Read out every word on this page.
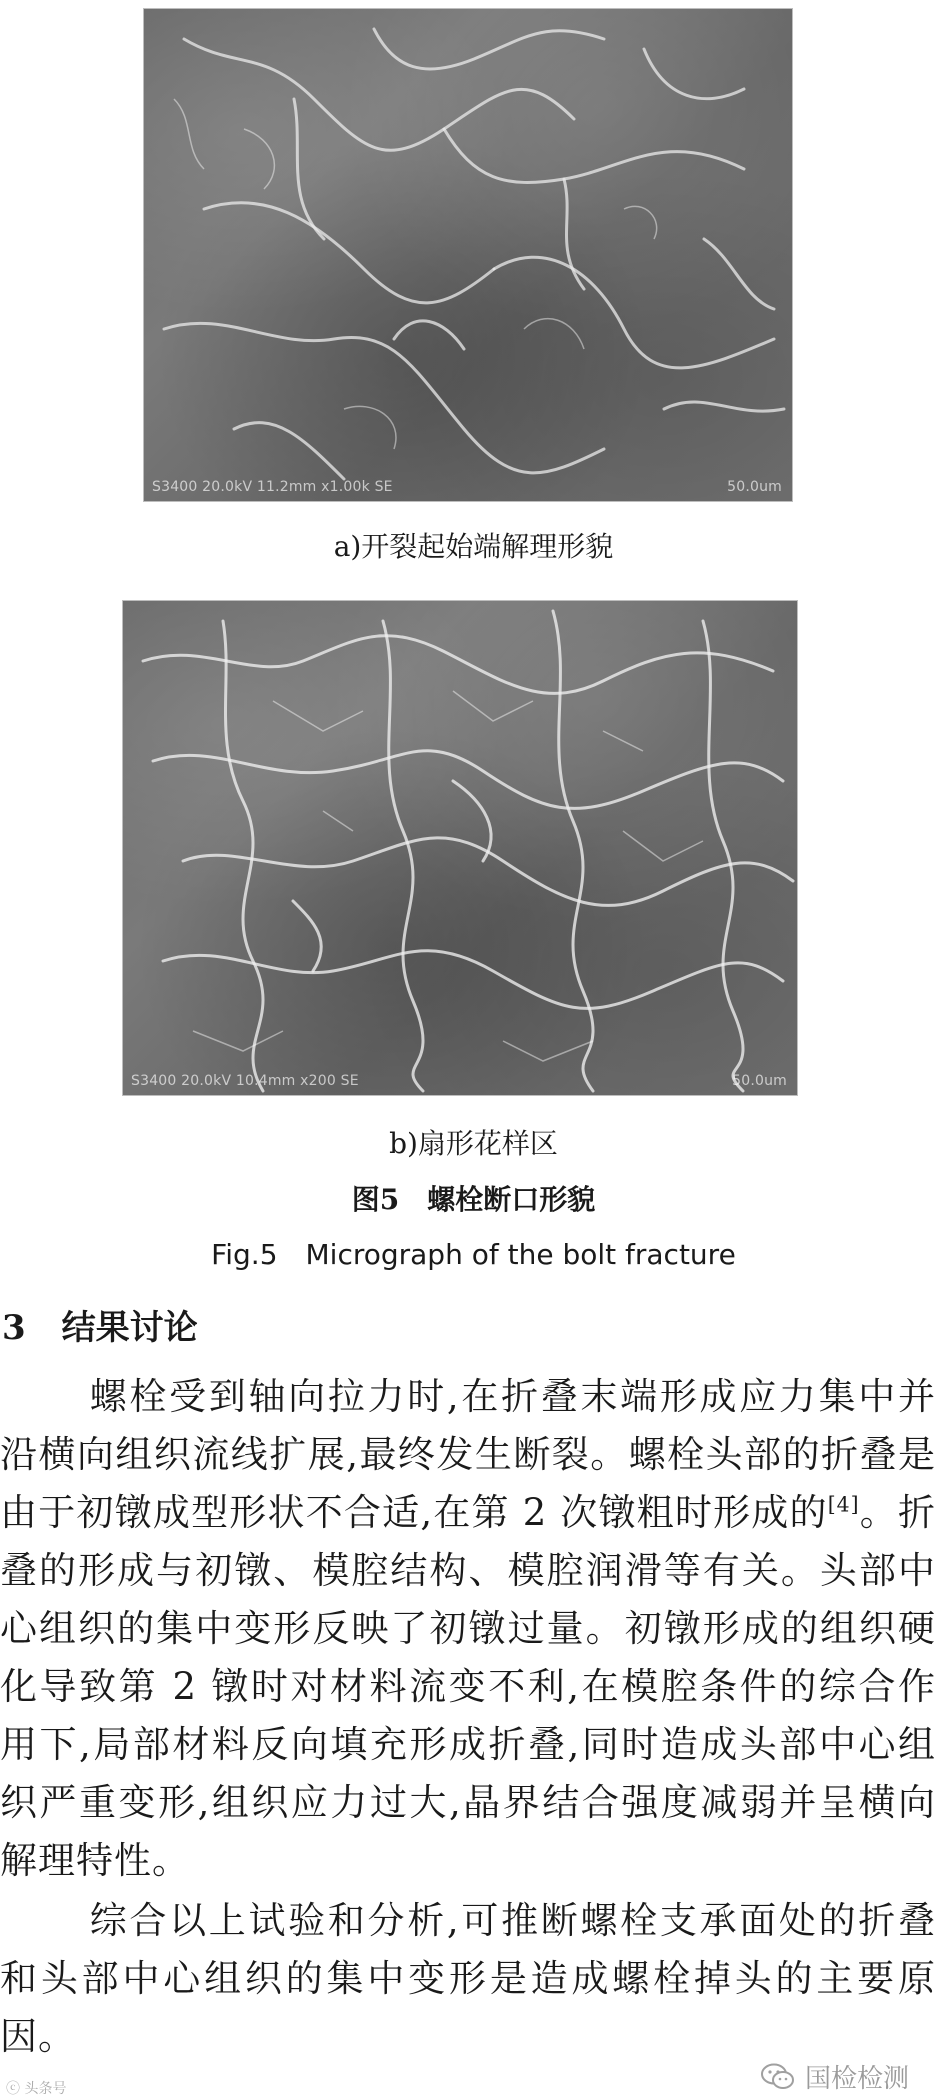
S3400 20.0kV 11.2mm x1.00k SE	50.0um
a)开裂起始端解理形貌
S3400 20.0kV 10.4mm x200 SE	50.0um
b)扇形花样区
图5　螺栓断口形貌
Fig.5　Micrograph of the bolt fracture
3 结果讨论
螺栓受到轴向拉力时,在折叠末端形成应力集中并沿横向组织流线扩展,最终发生断裂。螺栓头部的折叠是由于初镦成型形状不合适,在第 2 次镦粗时形成的[4]。折叠的形成与初镦、模腔结构、模腔润滑等有关。头部中心组织的集中变形反映了初镦过量。初镦形成的组织硬化导致第 2 镦时对材料流变不利,在模腔条件的综合作用下,局部材料反向填充形成折叠,同时造成头部中心组织严重变形,组织应力过大,晶界结合强度减弱并呈横向解理特性。
综合以上试验和分析,可推断螺栓支承面处的折叠和头部中心组织的集中变形是造成螺栓掉头的主要原因。
国检检测
ⓒ 头条号
